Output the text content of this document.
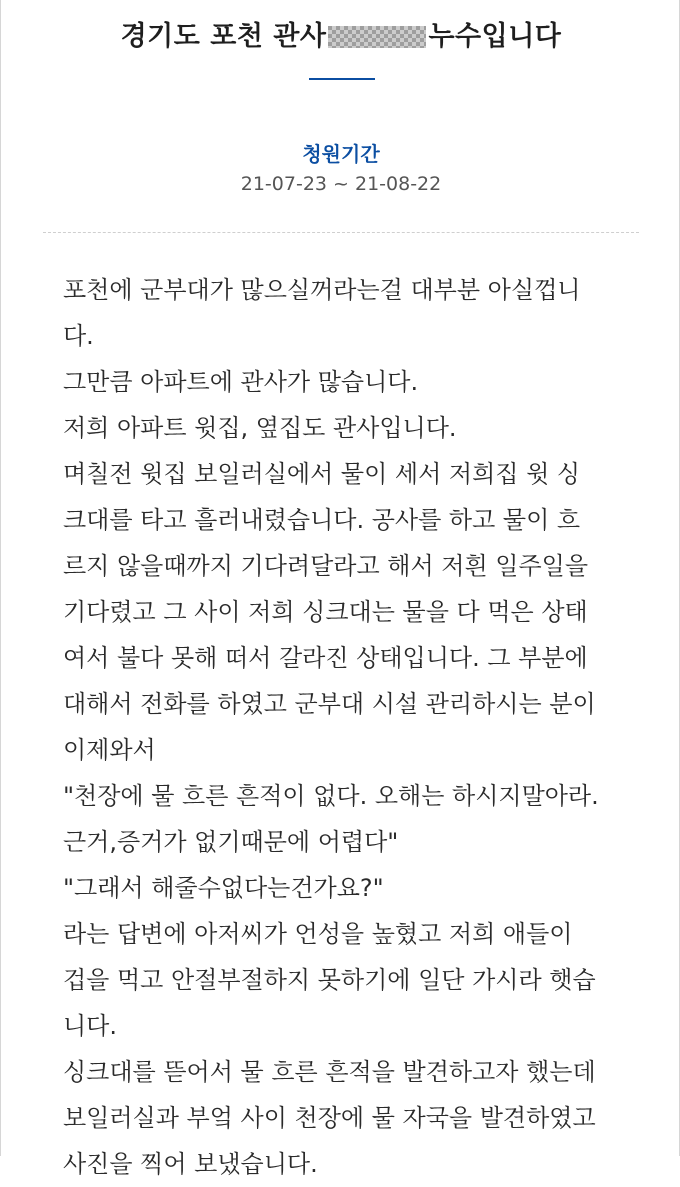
경기도 포천 관사	누수입니다
청원기간
21-07-23 ~ 21-08-22
포천에 군부대가 많으실꺼라는걸 대부분 아실껍니
다.
그만큼 아파트에 관사가 많습니다.
저희 아파트 윗집, 옆집도 관사입니다.
며칠전 윗집 보일러실에서 물이 세서 저희집 윗 싱
크대를 타고 흘러내렸습니다. 공사를 하고 물이 흐
르지 않을때까지 기다려달라고 해서 저흰 일주일을
기다렸고 그 사이 저희 싱크대는 물을 다 먹은 상태
여서 불다 못해 떠서 갈라진 상태입니다. 그 부분에
대해서 전화를 하였고 군부대 시설 관리하시는 분이
이제와서
"천장에 물 흐른 흔적이 없다. 오해는 하시지말아라.
근거,증거가 없기때문에 어렵다"
"그래서 해줄수없다는건가요?"
라는 답변에 아저씨가 언성을 높혔고 저희 애들이
겁을 먹고 안절부절하지 못하기에 일단 가시라 햇습
니다.
싱크대를 뜯어서 물 흐른 흔적을 발견하고자 했는데
보일러실과 부엌 사이 천장에 물 자국을 발견하였고
사진을 찍어 보냈습니다.
